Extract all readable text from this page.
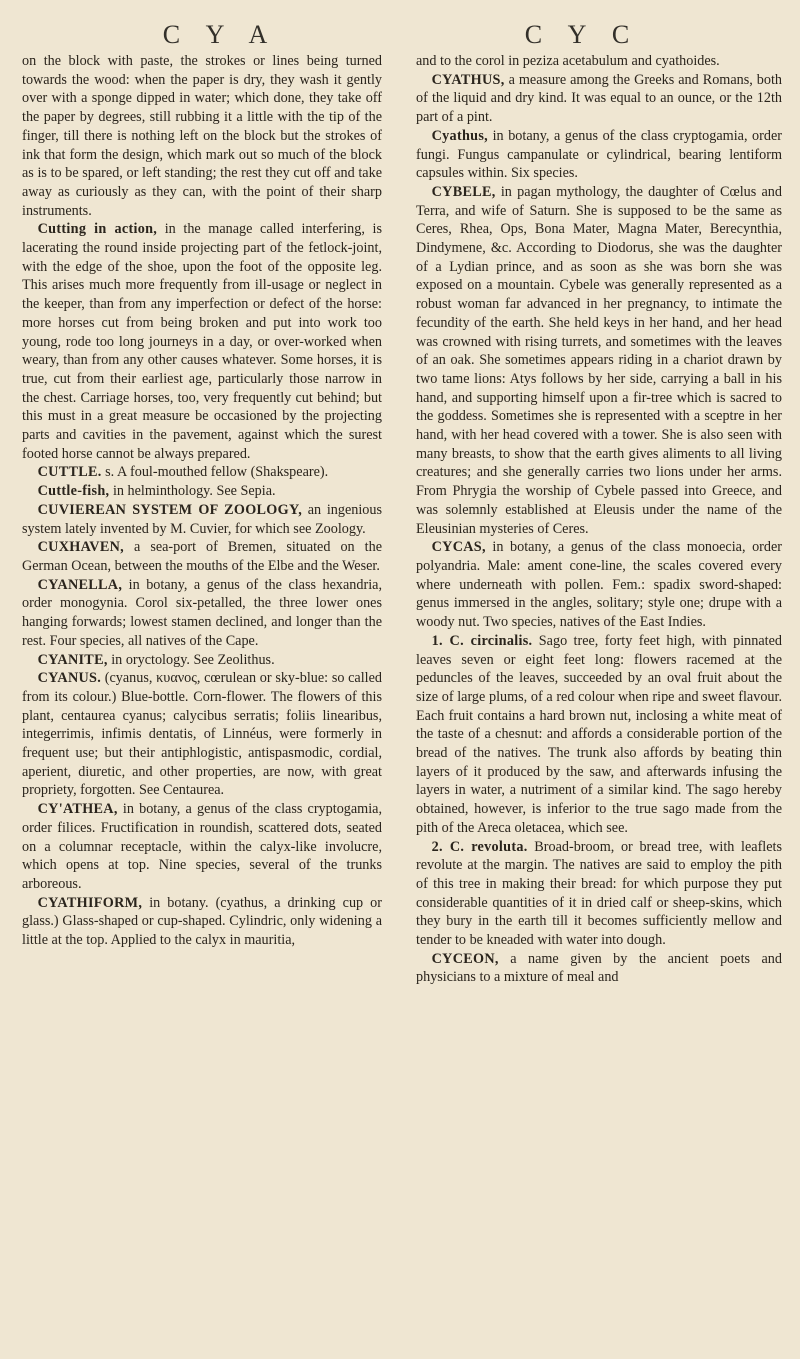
C Y A	C Y C

on the block with paste, the strokes or lines being turned towards the wood: when the paper is dry, they wash it gently over with a sponge dipped in water; which done, they take off the paper by degrees, still rubbing it a little with the tip of the finger, till there is nothing left on the block but the strokes of ink that form the design, which mark out so much of the block as is to be spared, or left standing; the rest they cut off and take away as curiously as they can, with the point of their sharp instruments.

Cutting in action, in the manage called interfering, is lacerating the round inside projecting part of the fetlock-joint, with the edge of the shoe, upon the foot of the opposite leg. This arises much more frequently from ill-usage or neglect in the keeper, than from any imperfection or defect of the horse: more horses cut from being broken and put into work too young, rode too long journeys in a day, or over-worked when weary, than from any other causes whatever. Some horses, it is true, cut from their earliest age, particularly those narrow in the chest. Carriage horses, too, very frequently cut behind; but this must in a great measure be occasioned by the projecting parts and cavities in the pavement, against which the surest footed horse cannot be always prepared.

CUTTLE. s. A foul-mouthed fellow (Shakspeare).

Cuttle-fish, in helminthology. See Sepia.

CUVIEREAN SYSTEM OF ZOOLOGY, an ingenious system lately invented by M. Cuvier, for which see Zoology.

CUXHAVEN, a sea-port of Bremen, situated on the German Ocean, between the mouths of the Elbe and the Weser.

CYANELLA, in botany, a genus of the class hexandria, order monogynia. Corol six-petalled, the three lower ones hanging forwards; lowest stamen declined, and longer than the rest. Four species, all natives of the Cape.

CYANITE, in oryctology. See Zeolithus.

CYANUS. (cyanus, κυανος, cœrulean or sky-blue: so called from its colour.) Blue-bottle. Corn-flower. The flowers of this plant, centaurea cyanus; calycibus serratis; foliis linearibus, integerrimis, infimis dentatis, of Linnéus, were formerly in frequent use; but their antiphlogistic, antispasmodic, cordial, aperient, diuretic, and other properties, are now, with great propriety, forgotten. See Centaurea.

CY'ATHEA, in botany, a genus of the class cryptogamia, order filices. Fructification in roundish, scattered dots, seated on a columnar receptacle, within the calyx-like involucre, which opens at top. Nine species, several of the trunks arboreous.

CYATHIFORM, in botany. (cyathus, a drinking cup or glass.) Glass-shaped or cup-shaped. Cylindric, only widening a little at the top. Applied to the calyx in mauritia,

and to the corol in peziza acetabulum and cyathoides.

CYATHUS, a measure among the Greeks and Romans, both of the liquid and dry kind. It was equal to an ounce, or the 12th part of a pint.

Cyathus, in botany, a genus of the class cryptogamia, order fungi. Fungus campanulate or cylindrical, bearing lentiform capsules within. Six species.

CYBELE, in pagan mythology, the daughter of Cœlus and Terra, and wife of Saturn. She is supposed to be the same as Ceres, Rhea, Ops, Bona Mater, Magna Mater, Berecynthia, Dindymene, &c. According to Diodorus, she was the daughter of a Lydian prince, and as soon as she was born she was exposed on a mountain. Cybele was generally represented as a robust woman far advanced in her pregnancy, to intimate the fecundity of the earth. She held keys in her hand, and her head was crowned with rising turrets, and sometimes with the leaves of an oak. She sometimes appears riding in a chariot drawn by two tame lions: Atys follows by her side, carrying a ball in his hand, and supporting himself upon a fir-tree which is sacred to the goddess. Sometimes she is represented with a sceptre in her hand, with her head covered with a tower. She is also seen with many breasts, to show that the earth gives aliments to all living creatures; and she generally carries two lions under her arms. From Phrygia the worship of Cybele passed into Greece, and was solemnly established at Eleusis under the name of the Eleusinian mysteries of Ceres.

CYCAS, in botany, a genus of the class monoecia, order polyandria. Male: ament cone-line, the scales covered every where underneath with pollen. Fem.: spadix sword-shaped: genus immersed in the angles, solitary; style one; drupe with a woody nut. Two species, natives of the East Indies.

1. C. circinalis. Sago tree, forty feet high, with pinnated leaves seven or eight feet long: flowers racemed at the peduncles of the leaves, succeeded by an oval fruit about the size of large plums, of a red colour when ripe and sweet flavour. Each fruit contains a hard brown nut, inclosing a white meat of the taste of a chesnut: and affords a considerable portion of the bread of the natives. The trunk also affords by beating thin layers of it produced by the saw, and afterwards infusing the layers in water, a nutriment of a similar kind. The sago hereby obtained, however, is inferior to the true sago made from the pith of the Areca oletacea, which see.

2. C. revoluta. Broad-broom, or bread tree, with leaflets revolute at the margin. The natives are said to employ the pith of this tree in making their bread: for which purpose they put considerable quantities of it in dried calf or sheep-skins, which they bury in the earth till it becomes sufficiently mellow and tender to be kneaded with water into dough.

CYCEON, a name given by the ancient poets and physicians to a mixture of meal and
